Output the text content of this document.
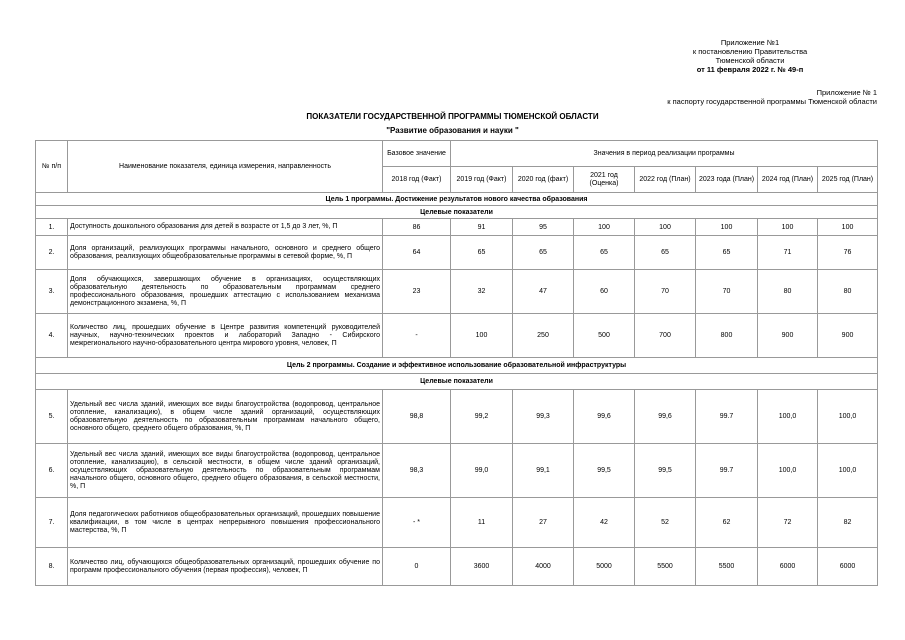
Приложение №1
к постановлению Правительства
Тюменской области
от 11 февраля 2022 г. № 49-п
Приложение № 1
к паспорту государственной программы Тюменской области
ПОКАЗАТЕЛИ ГОСУДАРСТВЕННОЙ ПРОГРАММЫ ТЮМЕНСКОЙ ОБЛАСТИ
"Развитие образования и науки "
№ п/п	Наименование показателя, единица измерения, направленность	Базовое значение	Значения в период реализации программы						
		2018 год (Факт)	2019 год (Факт)	2020 год (факт)	2021 год (Оценка)	2022 год (План)	2023 года (План)	2024 год (План)	2025 год (План)
Цель 1 программы. Достижение результатов нового качества образования									
Целевые показатели									
1.	Доступность дошкольного образования для детей в возрасте от 1,5 до 3 лет, %, П	86	91	95	100	100	100	100	100
2.	Доля организаций, реализующих программы начального, основного и среднего общего образования, реализующих общеобразовательные программы в сетевой форме, %, П	64	65	65	65	65	65	71	76
3.	Доля обучающихся, завершающих обучение в организациях, осуществляющих образовательную деятельность по образовательным программам среднего профессионального образования, прошедших аттестацию с использованием механизма демонстрационного экзамена, %, П	23	32	47	60	70	70	80	80
4.	Количество лиц, прошедших обучение в Центре развития компетенций руководителей научных, научно-технических проектов и лабораторий Западно - Сибирского межрегионального научно-образовательного центра мирового уровня, человек, П	-	100	250	500	700	800	900	900
Цель 2 программы. Создание и эффективное использование образовательной инфраструктуры									
Целевые показатели									
5.	Удельный вес числа зданий, имеющих все виды благоустройства (водопровод, центральное отопление, канализацию), в общем числе зданий организаций, осуществляющих образовательную деятельность по образовательным программам начального общего, основного общего, среднего общего образования, %, П	98,8	99,2	99,3	99,6	99,6	99.7	100,0	100,0
6.	Удельный вес числа зданий, имеющих все виды благоустройства (водопровод, центральное отопление, канализацию), в сельской местности, в общем числе зданий организаций, осуществляющих образовательную деятельность по образовательным программам начального общего, основного общего, среднего общего образования, в сельской местности, %, П	98,3	99,0	99,1	99,5	99,5	99.7	100,0	100,0
7.	Доля педагогических работников общеобразовательных организаций, прошедших повышение квалификации, в том числе в центрах непрерывного повышения профессионального мастерства, %, П	- *	11	27	42	52	62	72	82
8.	Количество лиц, обучающихся общеобразовательных организаций, прошедших обучение по программ профессионального обучения (первая профессия), человек, П	0	3600	4000	5000	5500	5500	6000	6000
